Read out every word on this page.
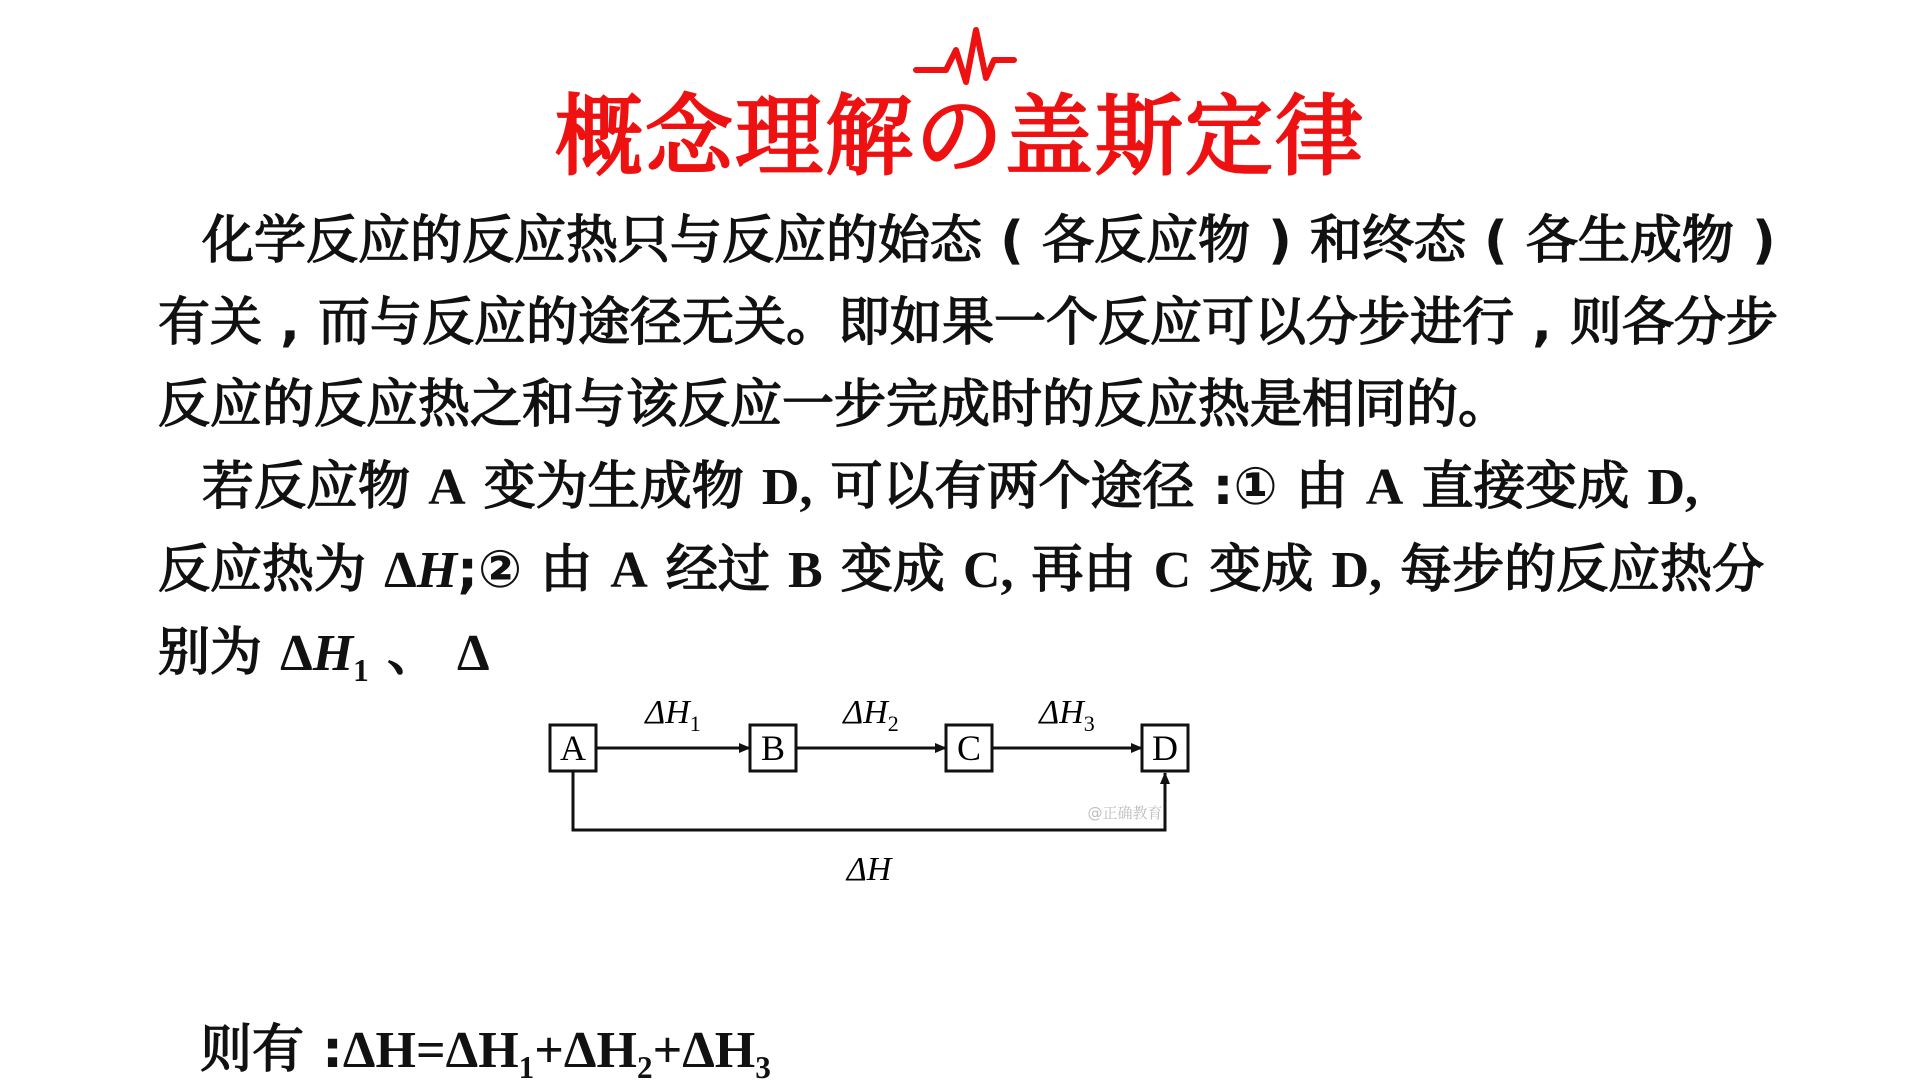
概念理解の盖斯定律

化学反应的反应热只与反应的始态 ( 各反应物 ) 和终态 ( 各生成物 ) 有关 , 而与反应的途径无关。即如果一个反应可以分步进行 , 则各分步反应的反应热之和与该反应一步完成时的反应热是相同的。

若反应物 A 变为生成物 D, 可以有两个途径 :① 由 A 直接变成 D,
反应热为 ΔH;② 由 A 经过 B 变成 C, 再由 C 变成 D, 每步的反应热分别为 $\Delta H_1$ 、 Δ

A	B	C	D
$\Delta H_1$	$\Delta H_2$	$\Delta H_3$
ΔH
@正确教育
则有 $:\Delta H=\Delta H_1+\Delta H_2+\Delta H_3$
